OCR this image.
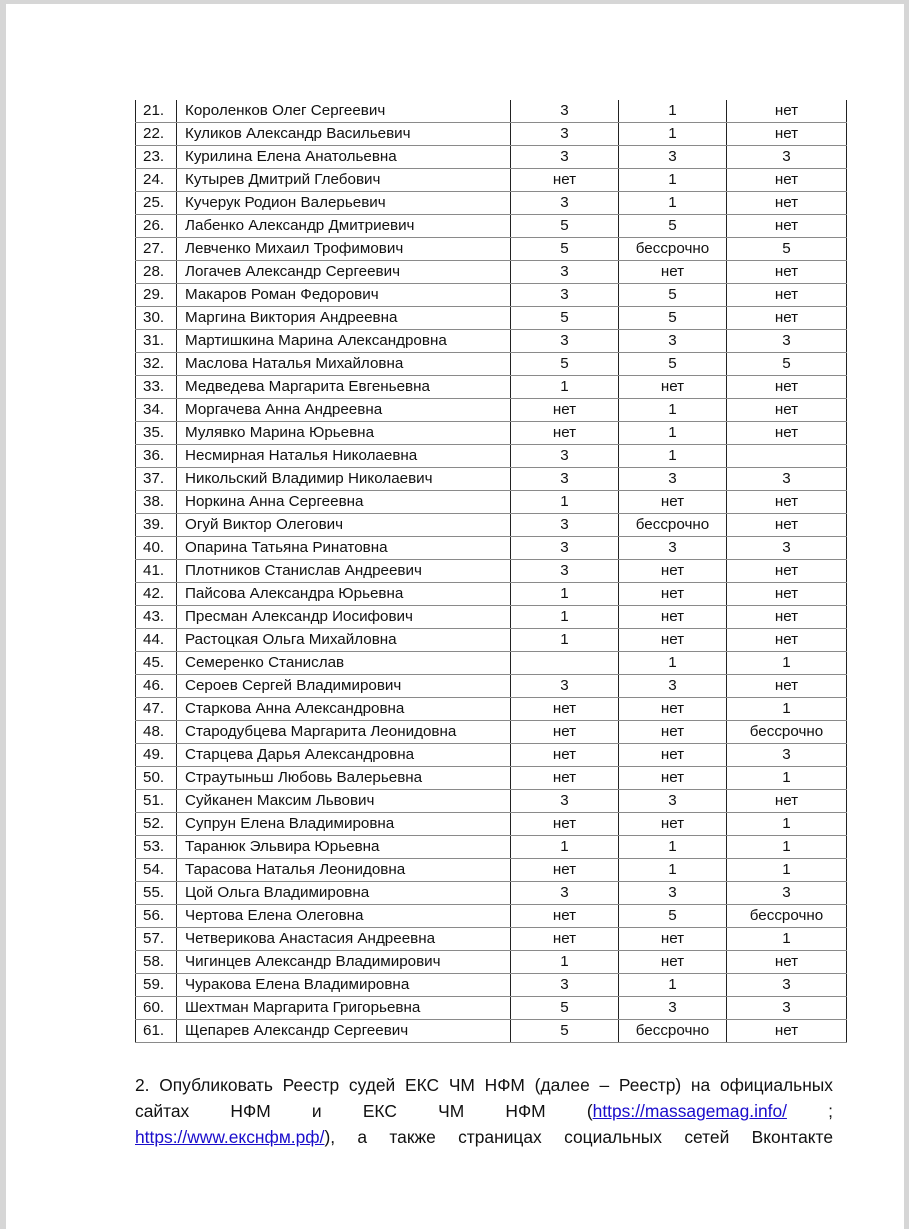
21.	Короленков Олег Сергеевич	3	1	нет
22.	Куликов Александр Васильевич	3	1	нет
23.	Курилина Елена Анатольевна	3	3	3
24.	Кутырев Дмитрий Глебович	нет	1	нет
25.	Кучерук Родион Валерьевич	3	1	нет
26.	Лабенко Александр Дмитриевич	5	5	нет
27.	Левченко Михаил Трофимович	5	бессрочно	5
28.	Логачев Александр Сергеевич	3	нет	нет
29.	Макаров Роман Федорович	3	5	нет
30.	Маргина Виктория Андреевна	5	5	нет
31.	Мартишкина Марина Александровна	3	3	3
32.	Маслова Наталья Михайловна	5	5	5
33.	Медведева Маргарита Евгеньевна	1	нет	нет
34.	Моргачева Анна Андреевна	нет	1	нет
35.	Мулявко Марина Юрьевна	нет	1	нет
36.	Несмирная Наталья Николаевна	3	1	
37.	Никольский Владимир Николаевич	3	3	3
38.	Норкина Анна Сергеевна	1	нет	нет
39.	Огуй Виктор Олегович	3	бессрочно	нет
40.	Опарина Татьяна Ринатовна	3	3	3
41.	Плотников Станислав Андреевич	3	нет	нет
42.	Пайсова Александра Юрьевна	1	нет	нет
43.	Пресман Александр Иосифович	1	нет	нет
44.	Растоцкая Ольга Михайловна	1	нет	нет
45.	Семеренко Станислав		1	1
46.	Сероев Сергей Владимирович	3	3	нет
47.	Старкова Анна Александровна	нет	нет	1
48.	Стародубцева Маргарита Леонидовна	нет	нет	бессрочно
49.	Старцева Дарья Александровна	нет	нет	3
50.	Страутыньш Любовь Валерьевна	нет	нет	1
51.	Суйканен Максим Львович	3	3	нет
52.	Супрун Елена Владимировна	нет	нет	1
53.	Таранюк Эльвира Юрьевна	1	1	1
54.	Тарасова Наталья Леонидовна	нет	1	1
55.	Цой Ольга Владимировна	3	3	3
56.	Чертова Елена Олеговна	нет	5	бессрочно
57.	Четверикова Анастасия Андреевна	нет	нет	1
58.	Чигинцев Александр Владимирович	1	нет	нет
59.	Чуракова Елена Владимировна	3	1	3
60.	Шехтман Маргарита Григорьевна	5	3	3
61.	Щепарев Александр Сергеевич	5	бессрочно	нет
2. Опубликовать Реестр судей ЕКС ЧМ НФМ (далее – Реестр) на официальных
сайтах НФМ и ЕКС ЧМ НФМ (https://massagemag.info/ ;
https://www.екснфм.рф/), а также страницах социальных сетей Вконтакте
